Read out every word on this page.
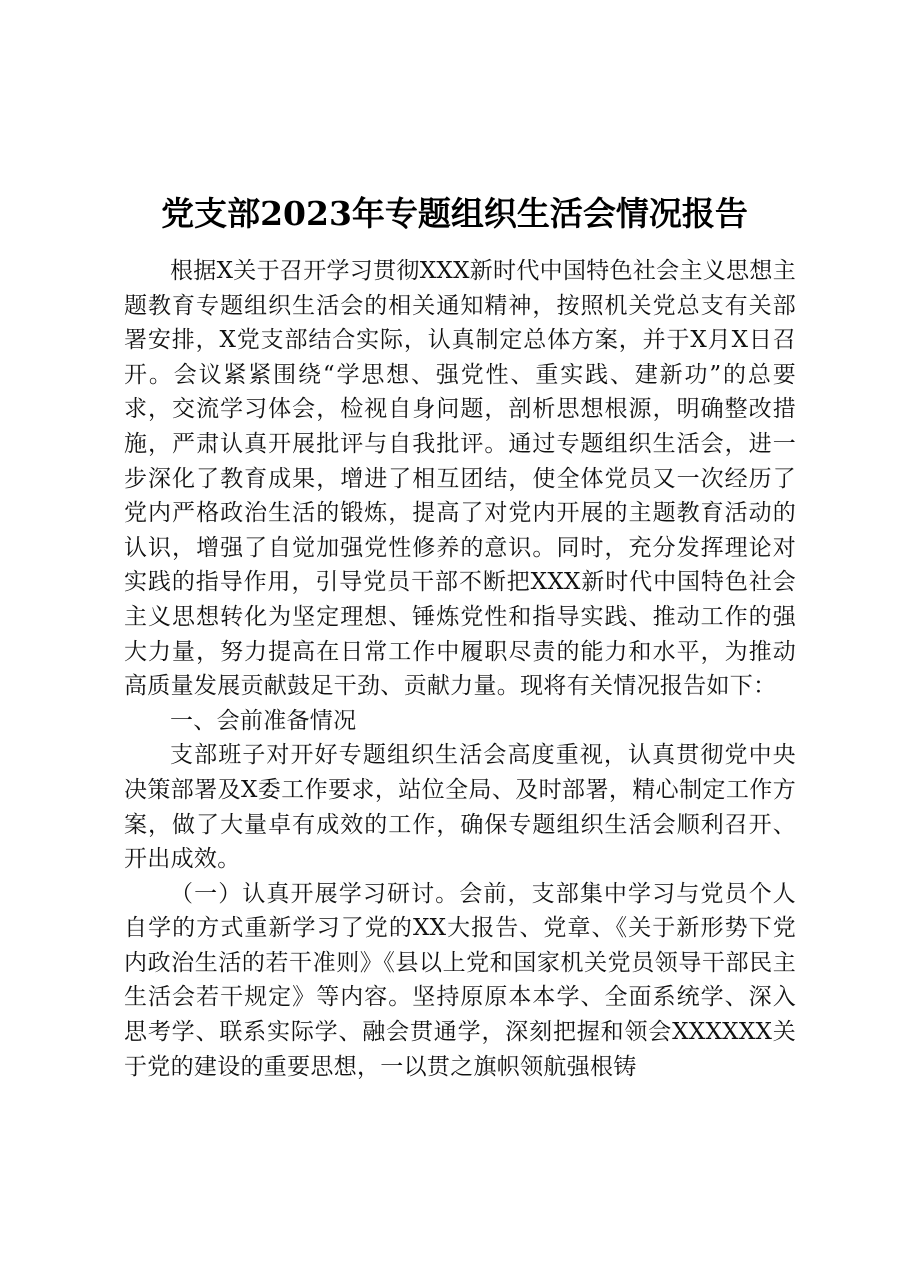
党支部2023年专题组织生活会情况报告

根据X关于召开学习贯彻XXX新时代中国特色社会主义思想主题教育专题组织生活会的相关通知精神，按照机关党总支有关部署安排，X党支部结合实际，认真制定总体方案，并于X月X日召开。会议紧紧围绕“学思想、强党性、重实践、建新功”的总要求，交流学习体会，检视自身问题，剖析思想根源，明确整改措施，严肃认真开展批评与自我批评。通过专题组织生活会，进一步深化了教育成果，增进了相互团结，使全体党员又一次经历了党内严格政治生活的锻炼，提高了对党内开展的主题教育活动的认识，增强了自觉加强党性修养的意识。同时，充分发挥理论对实践的指导作用，引导党员干部不断把XXX新时代中国特色社会主义思想转化为坚定理想、锤炼党性和指导实践、推动工作的强大力量，努力提高在日常工作中履职尽责的能力和水平，为推动高质量发展贡献鼓足干劲、贡献力量。现将有关情况报告如下：

一、会前准备情况

支部班子对开好专题组织生活会高度重视，认真贯彻党中央决策部署及X委工作要求，站位全局、及时部署，精心制定工作方案，做了大量卓有成效的工作，确保专题组织生活会顺利召开、开出成效。

（一）认真开展学习研讨。会前，支部集中学习与党员个人自学的方式重新学习了党的XX大报告、党章、《关于新形势下党内政治生活的若干准则》《县以上党和国家机关党员领导干部民主生活会若干规定》等内容。坚持原原本本学、全面系统学、深入思考学、联系实际学、融会贯通学，深刻把握和领会XXXXXX关于党的建设的重要思想，一以贯之旗帜领航强根铸
